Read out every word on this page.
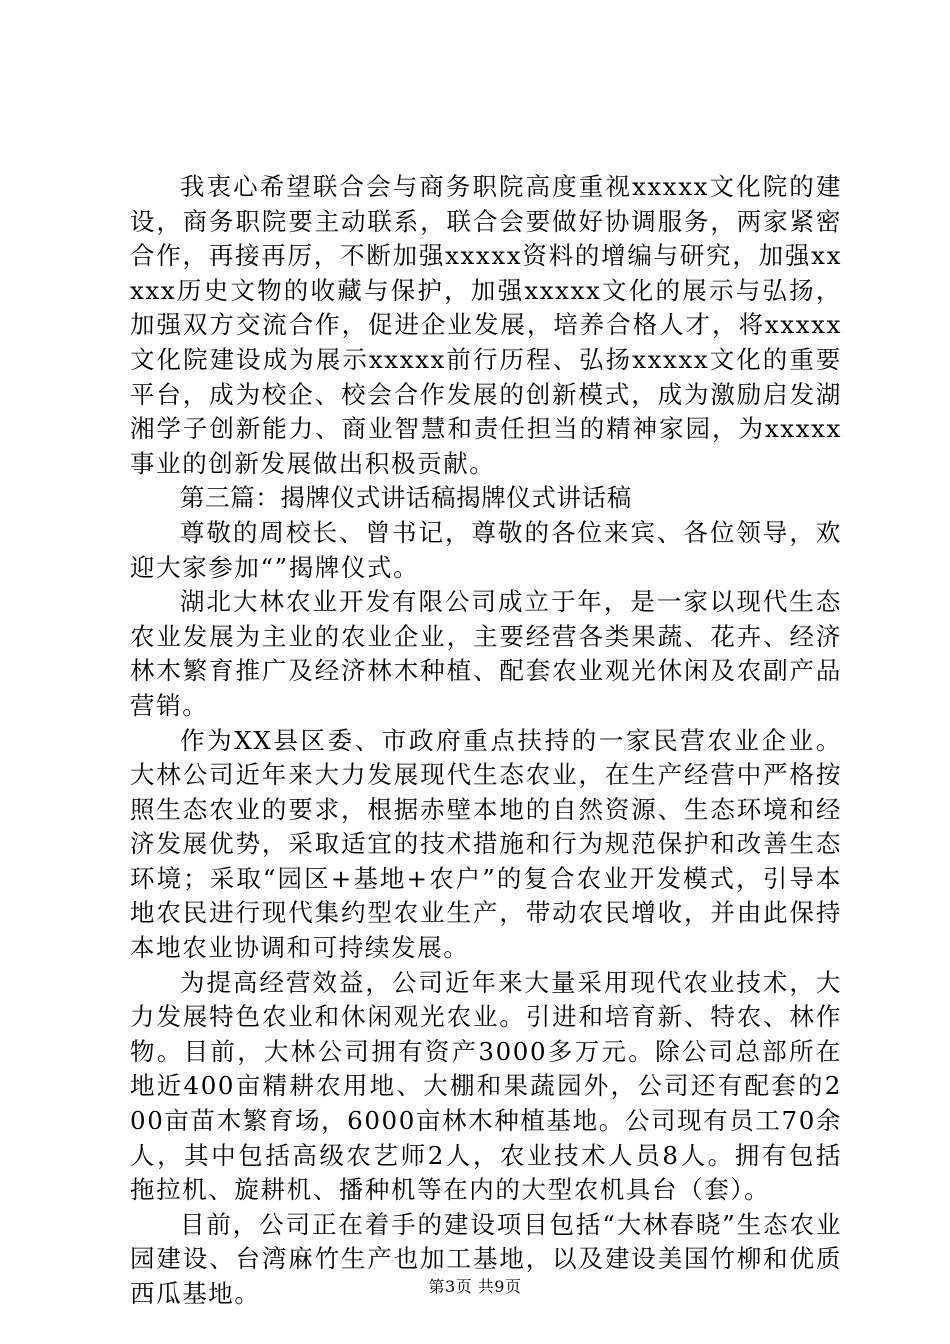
我衷心希望联合会与商务职院高度重视xxxxx文化院的建设，商务职院要主动联系，联合会要做好协调服务，两家紧密合作，再接再厉，不断加强xxxxx资料的增编与研究，加强xxxxx历史文物的收藏与保护，加强xxxxx文化的展示与弘扬，加强双方交流合作，促进企业发展，培养合格人才，将xxxxx文化院建设成为展示xxxxx前行历程、弘扬xxxxx文化的重要平台，成为校企、校会合作发展的创新模式，成为激励启发湖湘学子创新能力、商业智慧和责任担当的精神家园，为xxxxx事业的创新发展做出积极贡献。

第三篇：揭牌仪式讲话稿揭牌仪式讲话稿

尊敬的周校长、曾书记，尊敬的各位来宾、各位领导，欢迎大家参加“”揭牌仪式。

湖北大林农业开发有限公司成立于年，是一家以现代生态农业发展为主业的农业企业，主要经营各类果蔬、花卉、经济林木繁育推广及经济林木种植、配套农业观光休闲及农副产品营销。

作为XX县区委、市政府重点扶持的一家民营农业企业。大林公司近年来大力发展现代生态农业，在生产经营中严格按照生态农业的要求，根据赤壁本地的自然资源、生态环境和经济发展优势，采取适宜的技术措施和行为规范保护和改善生态环境；采取“园区+基地+农户”的复合农业开发模式，引导本地农民进行现代集约型农业生产，带动农民增收，并由此保持本地农业协调和可持续发展。

为提高经营效益，公司近年来大量采用现代农业技术，大力发展特色农业和休闲观光农业。引进和培育新、特农、林作物。目前，大林公司拥有资产3000多万元。除公司总部所在地近400亩精耕农用地、大棚和果蔬园外，公司还有配套的200亩苗木繁育场，6000亩林木种植基地。公司现有员工70余人，其中包括高级农艺师2人，农业技术人员8人。拥有包括拖拉机、旋耕机、播种机等在内的大型农机具台（套）。

目前，公司正在着手的建设项目包括“大林春晓”生态农业园建设、台湾麻竹生产也加工基地，以及建设美国竹柳和优质西瓜基地。	第3页 共9页
